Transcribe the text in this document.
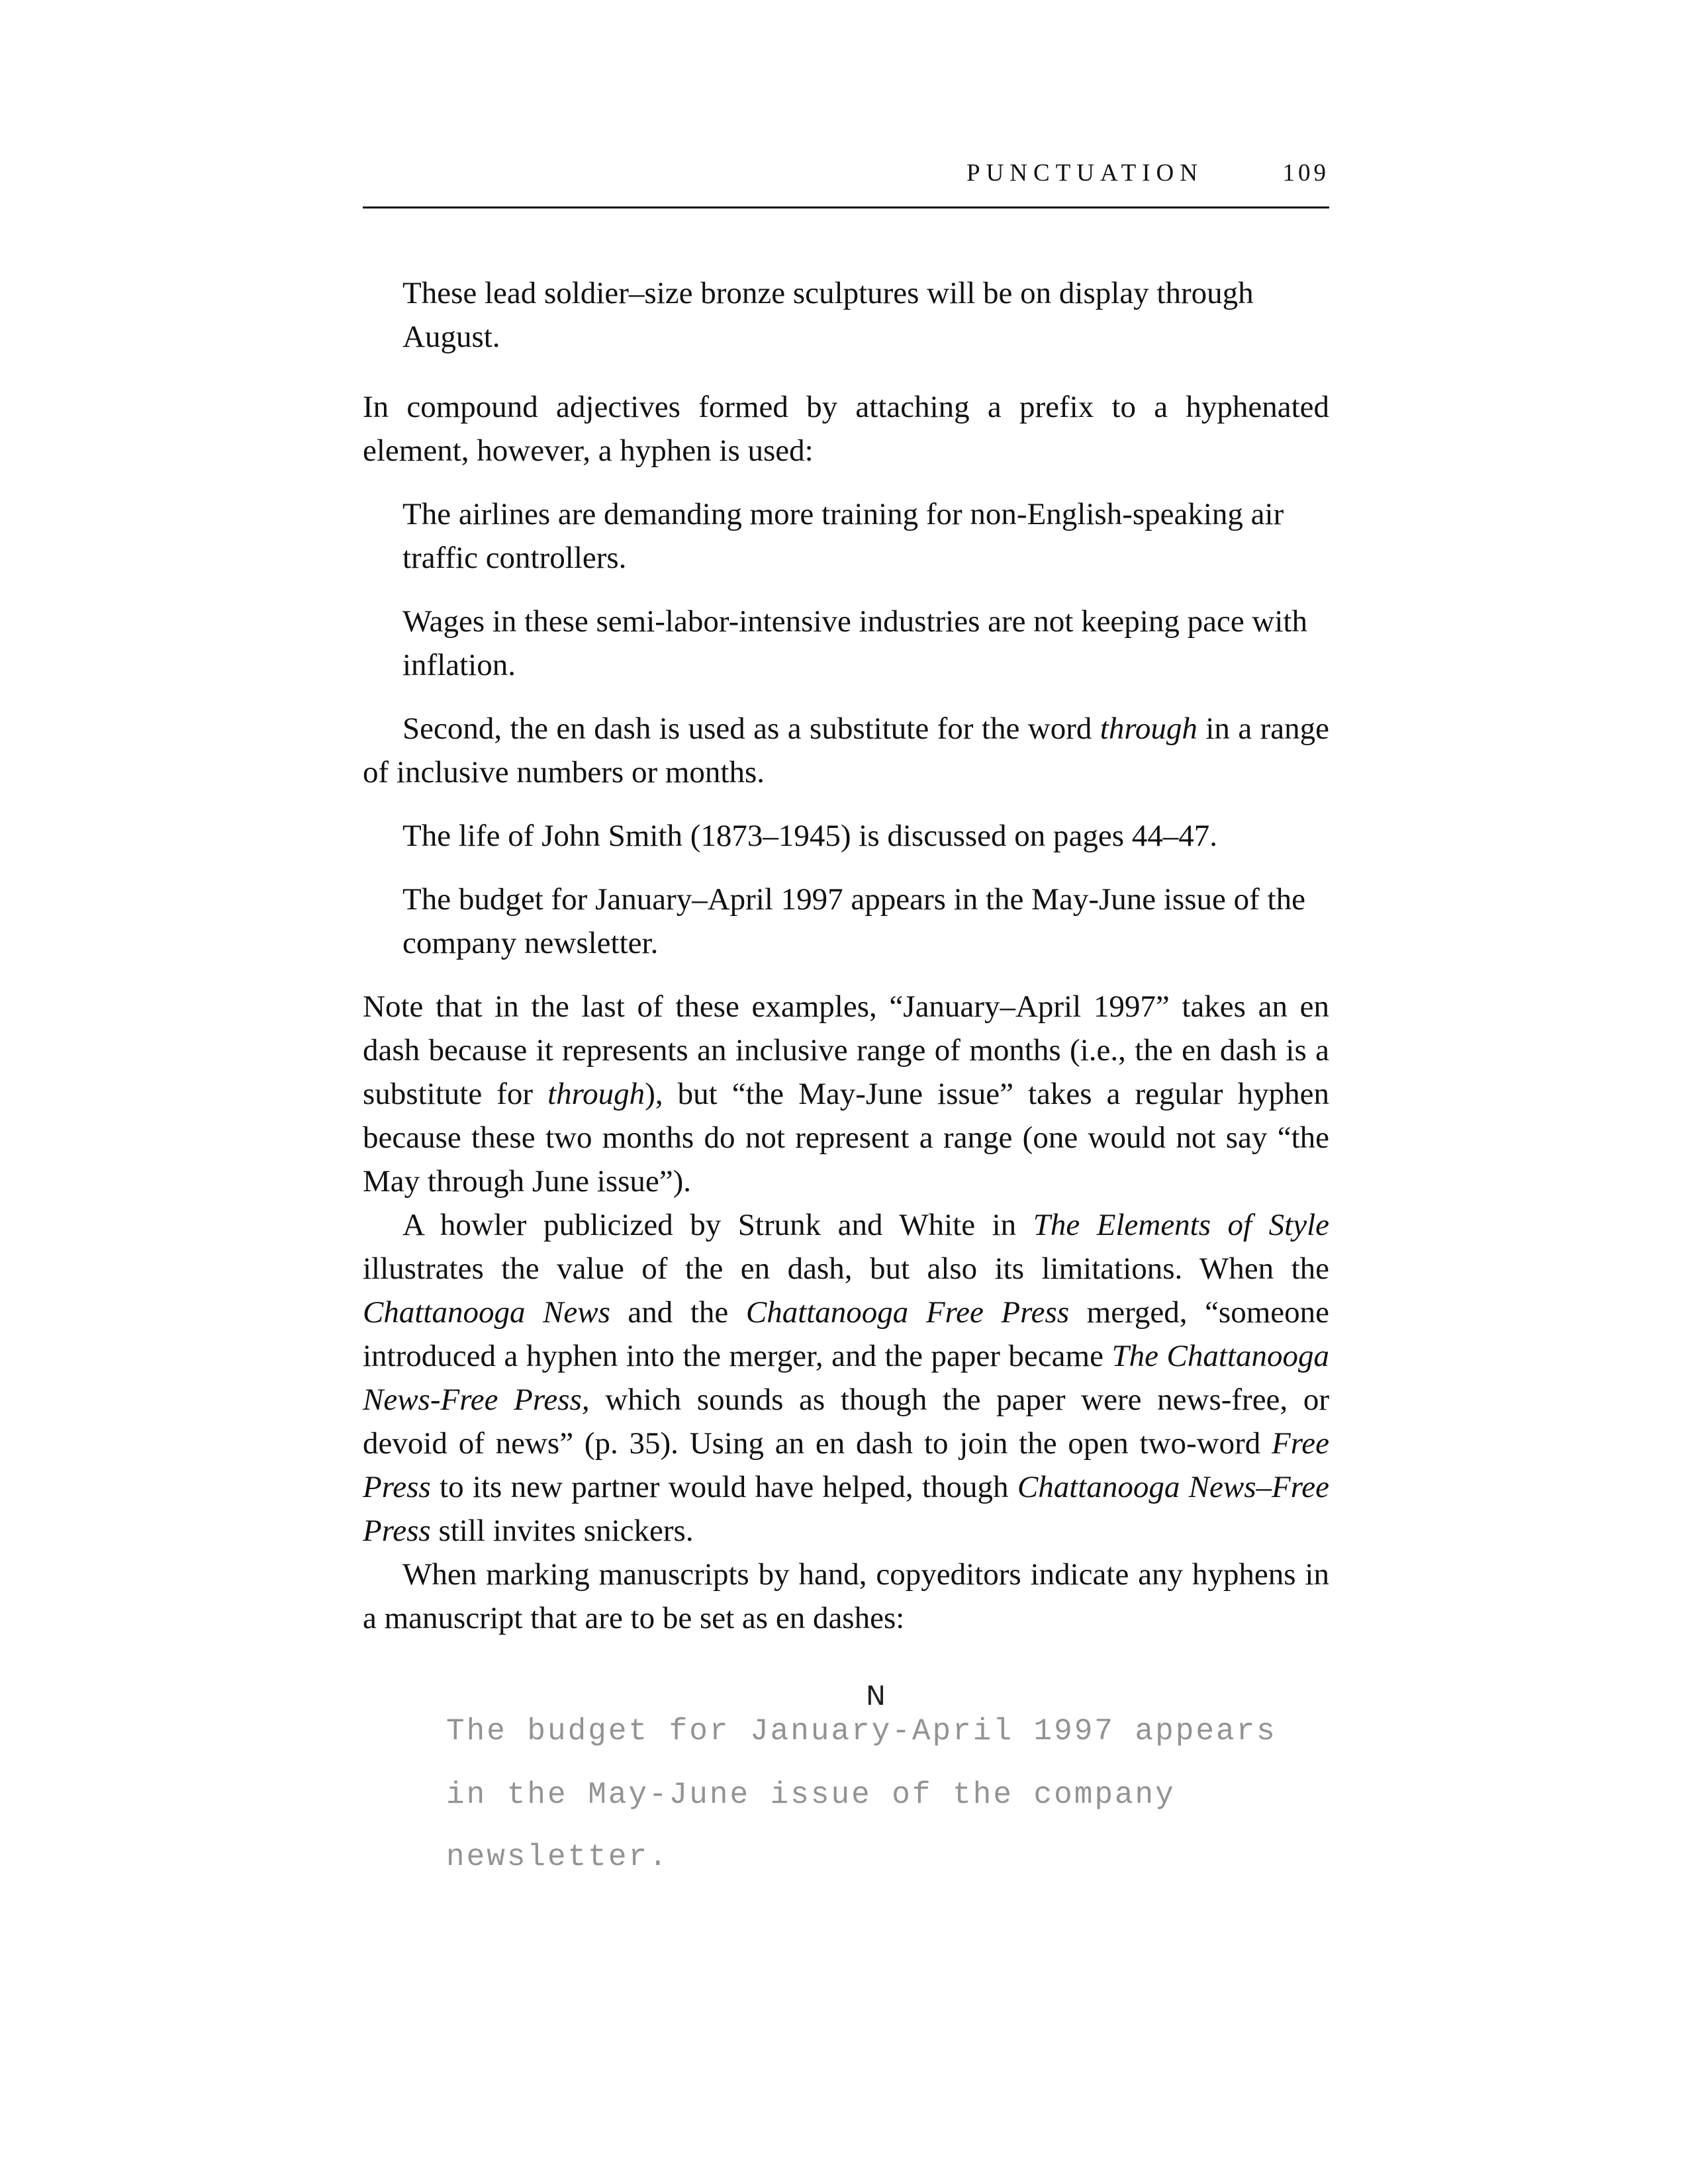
PUNCTUATION	109

These lead soldier–size bronze sculptures will be on display through August.

In compound adjectives formed by attaching a prefix to a hyphenated element, however, a hyphen is used:

The airlines are demanding more training for non-English-speaking air traffic controllers.

Wages in these semi-labor-intensive industries are not keeping pace with inflation.

Second, the en dash is used as a substitute for the word through in a range of inclusive numbers or months.

The life of John Smith (1873–1945) is discussed on pages 44–47.

The budget for January–April 1997 appears in the May-June issue of the company newsletter.

Note that in the last of these examples, “January–April 1997” takes an en dash because it represents an inclusive range of months (i.e., the en dash is a substitute for through), but “the May-June issue” takes a regular hyphen because these two months do not represent a range (one would not say “the May through June issue”).

A howler publicized by Strunk and White in The Elements of Style illustrates the value of the en dash, but also its limitations. When the Chattanooga News and the Chattanooga Free Press merged, “someone introduced a hyphen into the merger, and the paper became The Chattanooga News-Free Press, which sounds as though the paper were news-free, or devoid of news” (p. 35). Using an en dash to join the open two-word Free Press to its new partner would have helped, though Chattanooga News–Free Press still invites snickers.

When marking manuscripts by hand, copyeditors indicate any hyphens in a manuscript that are to be set as en dashes:

N
The budget for January-April 1997 appears
in the May-June issue of the company
newsletter.
